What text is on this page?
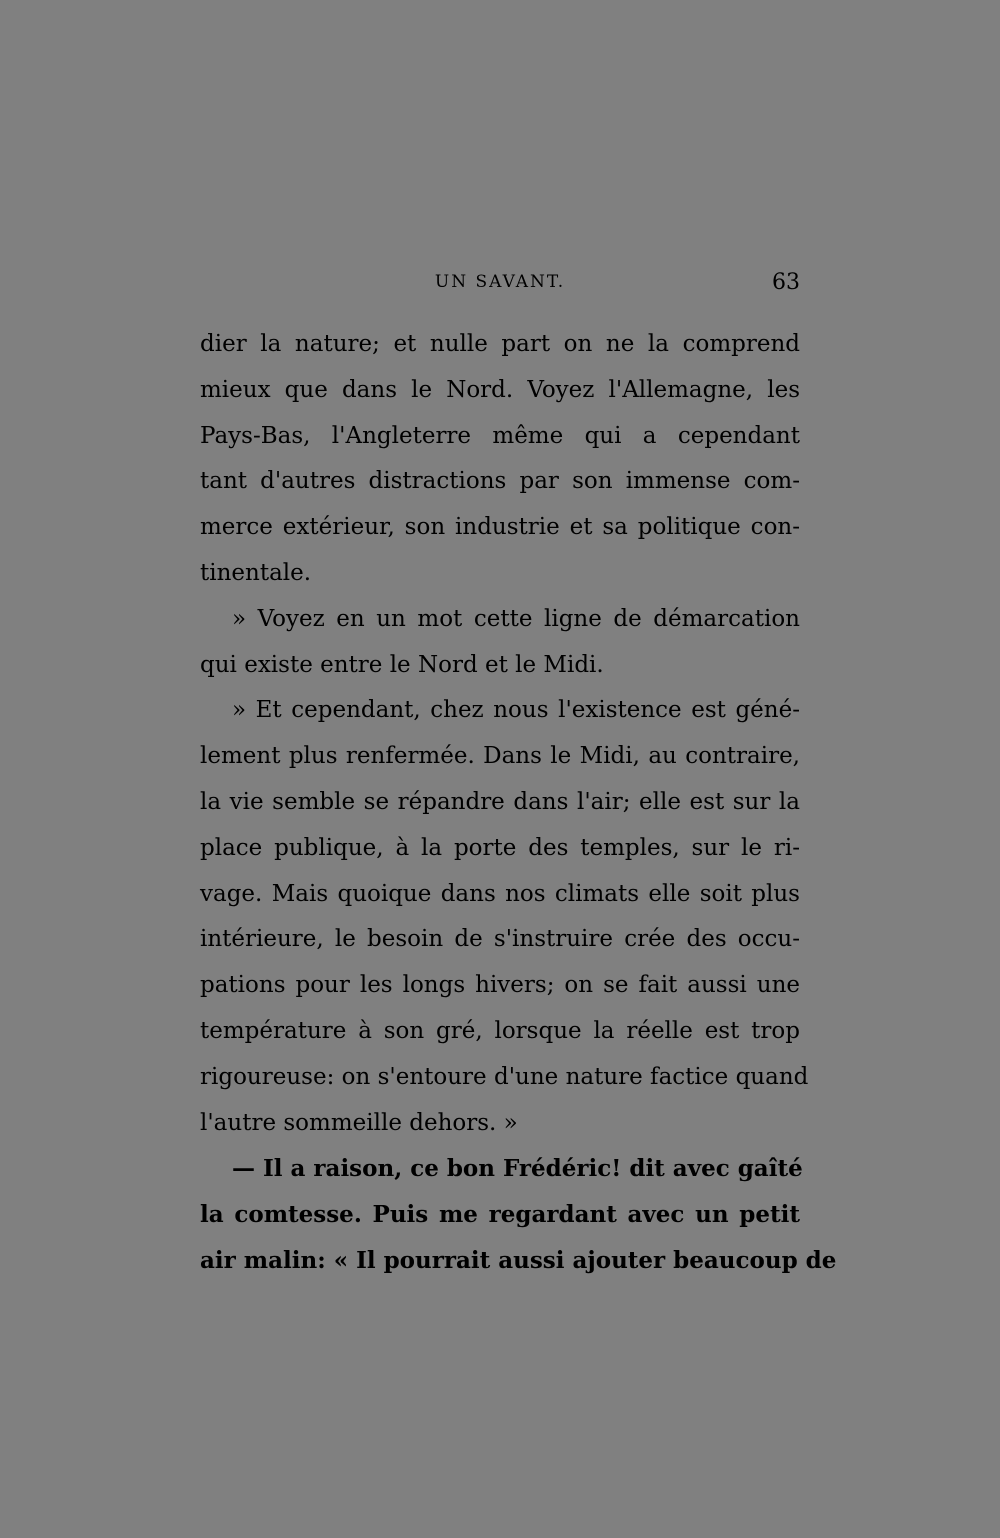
UN SAVANT.	63
dier la nature; et nulle part on ne la comprend
mieux que dans le Nord. Voyez l'Allemagne, les
Pays-Bas, l'Angleterre même qui a cependant
tant d'autres distractions par son immense com-
merce extérieur, son industrie et sa politique con-
tinentale.
» Voyez en un mot cette ligne de démarcation
qui existe entre le Nord et le Midi.
» Et cependant, chez nous l'existence est géné-
lement plus renfermée. Dans le Midi, au contraire,
la vie semble se répandre dans l'air; elle est sur la
place publique, à la porte des temples, sur le ri-
vage. Mais quoique dans nos climats elle soit plus
intérieure, le besoin de s'instruire crée des occu-
pations pour les longs hivers; on se fait aussi une
température à son gré, lorsque la réelle est trop
rigoureuse: on s'entoure d'une nature factice quand
l'autre sommeille dehors. »
— Il a raison, ce bon Frédéric! dit avec gaîté
la comtesse. Puis me regardant avec un petit
air malin: « Il pourrait aussi ajouter beaucoup de
